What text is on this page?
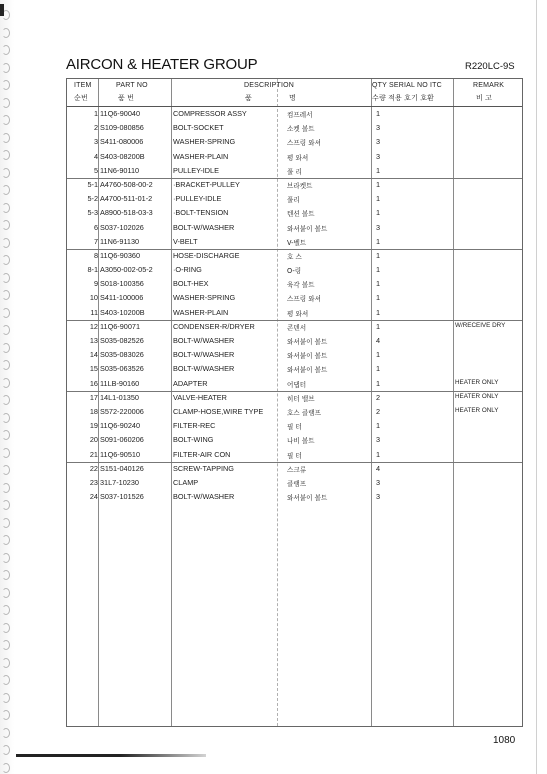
AIRCON & HEATER GROUP	R220LC-9S
ITEM
순번
PART NO
품 번
DESCRIPTION
품	명
QTY SERIAL NO ITC
수량 적용 호기 호환
REMARK
비 고
1 11Q6-90040	COMPRESSOR ASSY	컴프레서	1
2 S109-080856	BOLT-SOCKET	소켓 볼트	3
3 S411-080006	WASHER-SPRING	스프링 와셔	3
4 S403-08200B	WASHER-PLAIN	평 와셔	3
5 11N6-90110	PULLEY-IDLE	풀 리	1
5-1 A4760-508-00-2	·BRACKET-PULLEY	브라켓트	1
5-2 A4700-511-01-2	·PULLEY-IDLE	풀리	1
5-3 A8900-518-03-3	·BOLT-TENSION	텐션 볼트	1
6 S037-102026	BOLT-W/WASHER	와셔붙이 볼트	3
7 11N6-91130	V-BELT	V-벨트	1
8 11Q6-90360	HOSE-DISCHARGE	호 스	1
8-1 A3050-002-05-2	·O-RING	O-링	1
9 S018-100356	BOLT-HEX	육각 볼트	1
10 S411-100006	WASHER-SPRING	스프링 와셔	1
11 S403-10200B	WASHER-PLAIN	평 와셔	1
12 11Q6-90071	CONDENSER-R/DRYER	콘덴서	1	W/RECEIVE DRY
13 S035-082526	BOLT-W/WASHER	와셔붙이 볼트	4
14 S035-083026	BOLT-W/WASHER	와셔붙이 볼트	1
15 S035-063526	BOLT-W/WASHER	와셔붙이 볼트	1
16 11LB-90160	ADAPTER	어댑터	1	HEATER ONLY
17 14L1-01350	VALVE-HEATER	히터 밸브	2	HEATER ONLY
18 S572-220006	CLAMP-HOSE,WIRE TYPE	호스 클램프	2	HEATER ONLY
19 11Q6-90240	FILTER-REC	필 터	1
20 S091-060206	BOLT-WING	나비 볼트	3
21 11Q6-90510	FILTER-AIR CON	필 터	1
22 S151-040126	SCREW-TAPPING	스크류	4
23 31L7-10230	CLAMP	클램프	3
24 S037-101526	BOLT-W/WASHER	와셔붙이 볼트	3
1080
